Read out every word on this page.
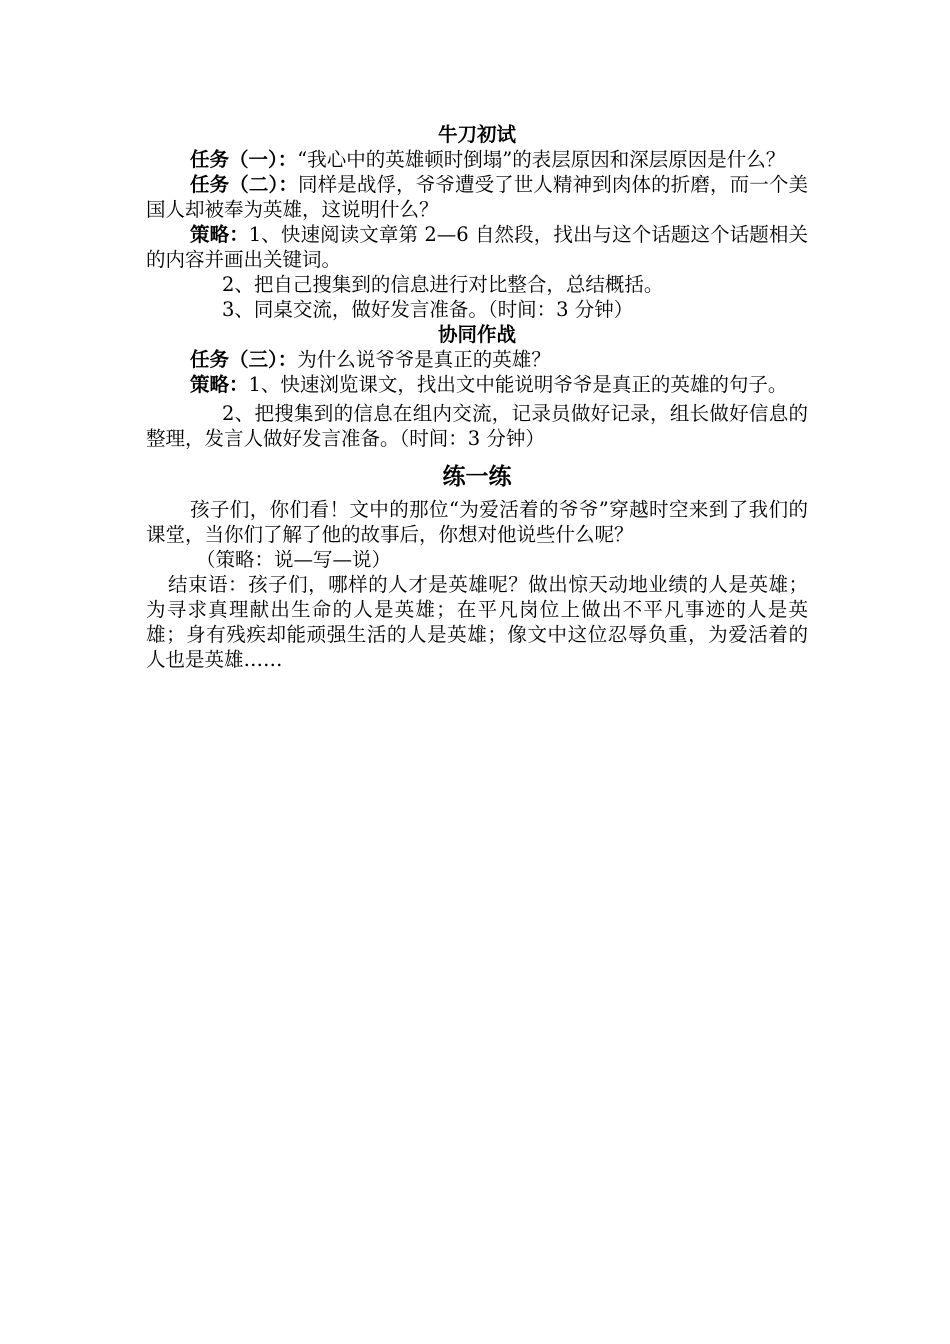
牛刀初试

任务（一）：“我心中的英雄顿时倒塌”的表层原因和深层原因是什么？

任务（二）：同样是战俘，爷爷遭受了世人精神到肉体的折磨，而一个美国人却被奉为英雄，这说明什么？

策略：1、快速阅读文章第 2—6 自然段，找出与这个话题这个话题相关的内容并画出关键词。

2、把自己搜集到的信息进行对比整合，总结概括。

3、同桌交流，做好发言准备。（时间：3 分钟）

协同作战

任务（三）：为什么说爷爷是真正的英雄？

策略：1、快速浏览课文，找出文中能说明爷爷是真正的英雄的句子。

2、把搜集到的信息在组内交流，记录员做好记录，组长做好信息的整理，发言人做好发言准备。（时间：3 分钟）

练一练

孩子们，你们看！文中的那位“为爱活着的爷爷”穿越时空来到了我们的课堂，当你们了解了他的故事后，你想对他说些什么呢？

（策略：说—写—说）

结束语：孩子们，哪样的人才是英雄呢？做出惊天动地业绩的人是英雄；为寻求真理献出生命的人是英雄；在平凡岗位上做出不平凡事迹的人是英雄；身有残疾却能顽强生活的人是英雄；像文中这位忍辱负重，为爱活着的人也是英雄……
